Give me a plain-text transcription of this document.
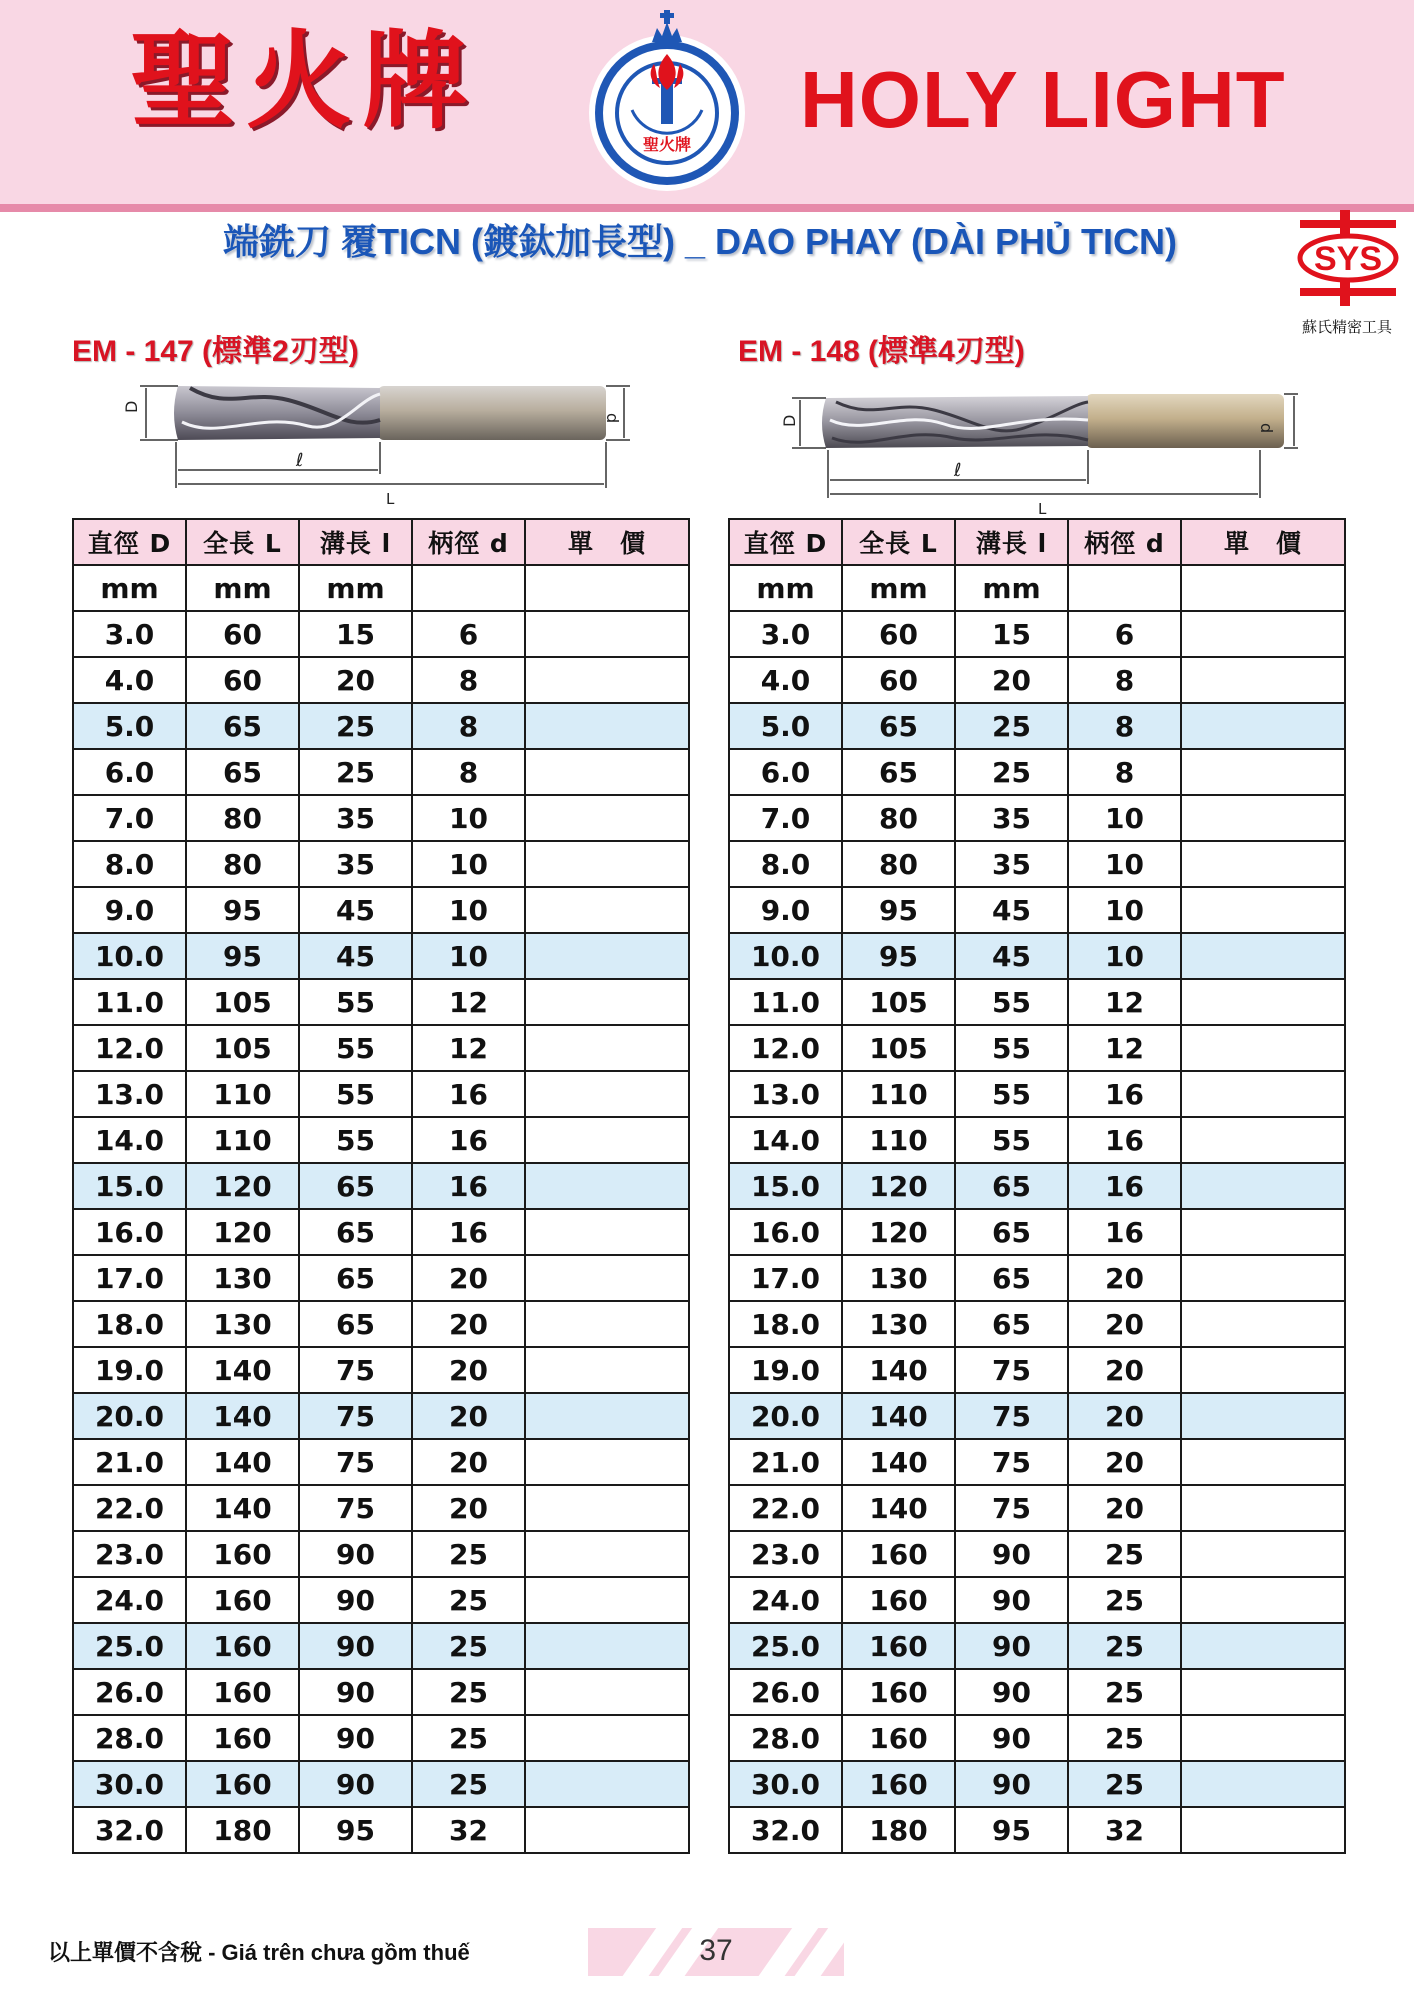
聖火牌
聖火牌
HOLY LIGHT
端銑刀 覆TICN (鍍鈦加長型) _ DAO PHAY (DÀI PHỦ TICN)	SYS
蘇氏精密工具
EM - 147 (標準2刃型)	EM - 148 (標準4刃型)
D
d
ℓ
L
D
d
ℓ
L
直徑 D	全長 L	溝長 l	柄徑 d	單　價
mm	mm	mm		
3.0	60	15	6	
4.0	60	20	8	
5.0	65	25	8	
6.0	65	25	8	
7.0	80	35	10	
8.0	80	35	10	
9.0	95	45	10	
10.0	95	45	10	
11.0	105	55	12	
12.0	105	55	12	
13.0	110	55	16	
14.0	110	55	16	
15.0	120	65	16	
16.0	120	65	16	
17.0	130	65	20	
18.0	130	65	20	
19.0	140	75	20	
20.0	140	75	20	
21.0	140	75	20	
22.0	140	75	20	
23.0	160	90	25	
24.0	160	90	25	
25.0	160	90	25	
26.0	160	90	25	
28.0	160	90	25	
30.0	160	90	25	
32.0	180	95	32	
直徑 D	全長 L	溝長 l	柄徑 d	單　價
mm	mm	mm		
3.0	60	15	6	
4.0	60	20	8	
5.0	65	25	8	
6.0	65	25	8	
7.0	80	35	10	
8.0	80	35	10	
9.0	95	45	10	
10.0	95	45	10	
11.0	105	55	12	
12.0	105	55	12	
13.0	110	55	16	
14.0	110	55	16	
15.0	120	65	16	
16.0	120	65	16	
17.0	130	65	20	
18.0	130	65	20	
19.0	140	75	20	
20.0	140	75	20	
21.0	140	75	20	
22.0	140	75	20	
23.0	160	90	25	
24.0	160	90	25	
25.0	160	90	25	
26.0	160	90	25	
28.0	160	90	25	
30.0	160	90	25	
32.0	180	95	32	
以上單價不含稅 - Giá trên chưa gồm thuế	37
